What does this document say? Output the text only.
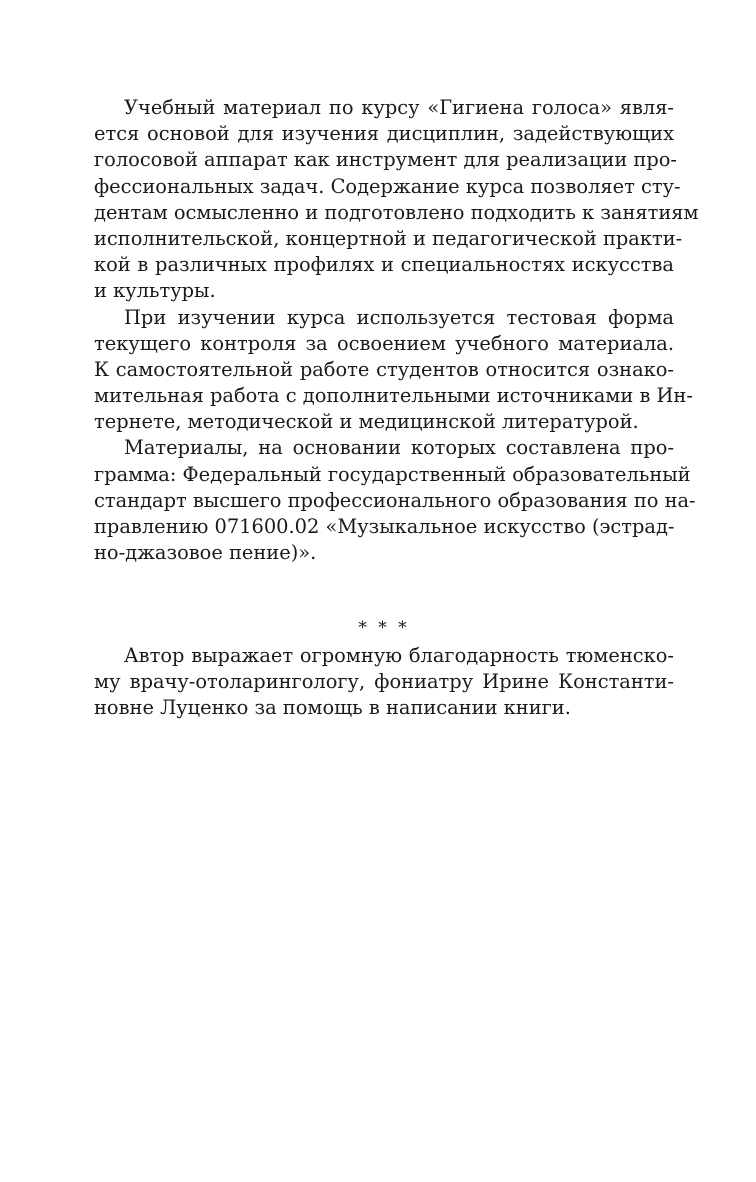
Учебный материал по курсу «Гигиена голоса» явля-
ется основой для изучения дисциплин, задействующих
голосовой аппарат как инструмент для реализации про-
фессиональных задач. Содержание курса позволяет сту-
дентам осмысленно и подготовлено подходить к занятиям
исполнительской, концертной и педагогической практи-
кой в различных профилях и специальностях искусства
и культуры.
При изучении курса используется тестовая форма
текущего контроля за освоением учебного материала.
К самостоятельной работе студентов относится ознако-
мительная работа с дополнительными источниками в Ин-
тернете, методической и медицинской литературой.
Материалы, на основании которых составлена про-
грамма: Федеральный государственный образовательный
стандарт высшего профессионального образования по на-
правлению 071600.02 «Музыкальное искусство (эстрад-
но-джазовое пение)».
* * *
Автор выражает огромную благодарность тюменско-
му врачу-отоларингологу, фониатру Ирине Константи-
новне Луценко за помощь в написании книги.
